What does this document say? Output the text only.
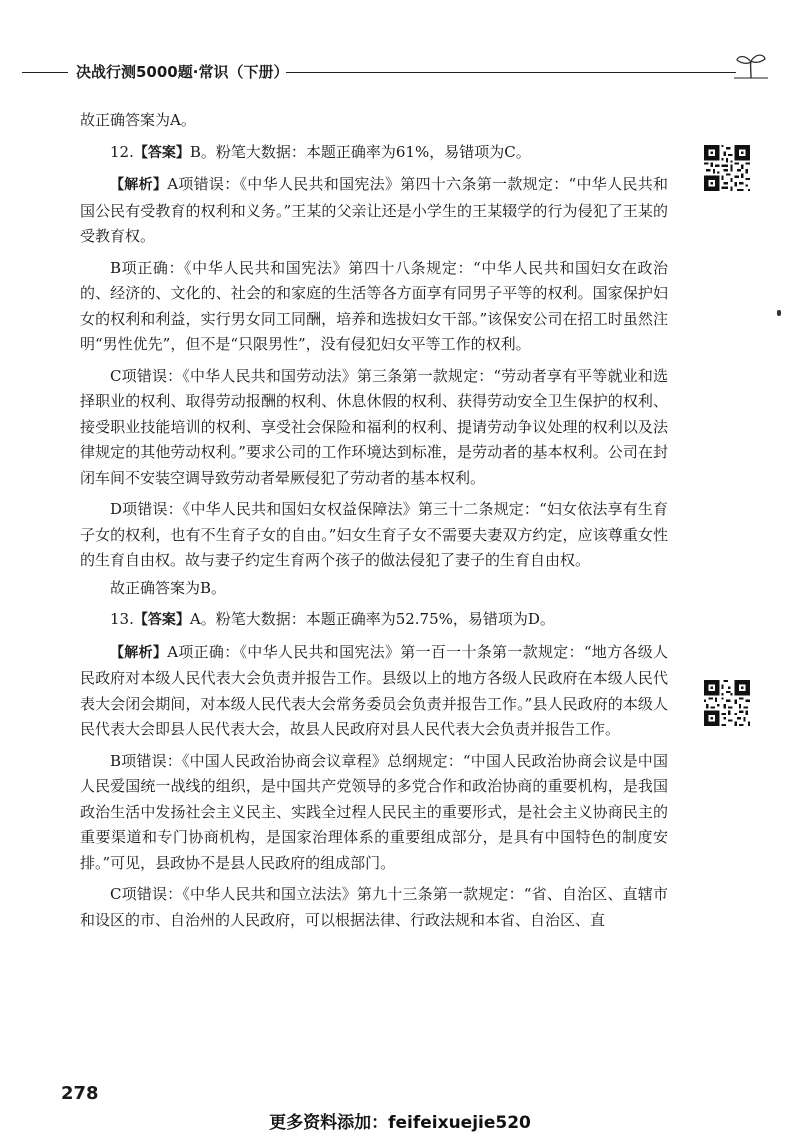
决战行测5000题·常识（下册）

故正确答案为A。

12.【答案】B。粉笔大数据：本题正确率为61%，易错项为C。

【解析】A项错误：《中华人民共和国宪法》第四十六条第一款规定：“中华人民共和国公民有受教育的权利和义务。”王某的父亲让还是小学生的王某辍学的行为侵犯了王某的受教育权。

B项正确：《中华人民共和国宪法》第四十八条规定：“中华人民共和国妇女在政治的、经济的、文化的、社会的和家庭的生活等各方面享有同男子平等的权利。国家保护妇女的权利和利益，实行男女同工同酬，培养和选拔妇女干部。”该保安公司在招工时虽然注明“男性优先”，但不是“只限男性”，没有侵犯妇女平等工作的权利。

C项错误：《中华人民共和国劳动法》第三条第一款规定：“劳动者享有平等就业和选择职业的权利、取得劳动报酬的权利、休息休假的权利、获得劳动安全卫生保护的权利、接受职业技能培训的权利、享受社会保险和福利的权利、提请劳动争议处理的权利以及法律规定的其他劳动权利。”要求公司的工作环境达到标准，是劳动者的基本权利。公司在封闭车间不安装空调导致劳动者晕厥侵犯了劳动者的基本权利。

D项错误：《中华人民共和国妇女权益保障法》第三十二条规定：“妇女依法享有生育子女的权利，也有不生育子女的自由。”妇女生育子女不需要夫妻双方约定，应该尊重女性的生育自由权。故与妻子约定生育两个孩子的做法侵犯了妻子的生育自由权。

故正确答案为B。

13.【答案】A。粉笔大数据：本题正确率为52.75%，易错项为D。

【解析】A项正确：《中华人民共和国宪法》第一百一十条第一款规定：“地方各级人民政府对本级人民代表大会负责并报告工作。县级以上的地方各级人民政府在本级人民代表大会闭会期间，对本级人民代表大会常务委员会负责并报告工作。”县人民政府的本级人民代表大会即县人民代表大会，故县人民政府对县人民代表大会负责并报告工作。

B项错误：《中国人民政治协商会议章程》总纲规定：“中国人民政治协商会议是中国人民爱国统一战线的组织，是中国共产党领导的多党合作和政治协商的重要机构，是我国政治生活中发扬社会主义民主、实践全过程人民民主的重要形式，是社会主义协商民主的重要渠道和专门协商机构，是国家治理体系的重要组成部分，是具有中国特色的制度安排。”可见，县政协不是县人民政府的组成部门。

C项错误：《中华人民共和国立法法》第九十三条第一款规定：“省、自治区、直辖市和设区的市、自治州的人民政府，可以根据法律、行政法规和本省、自治区、直

278
更多资料添加：feifeixuejie520
